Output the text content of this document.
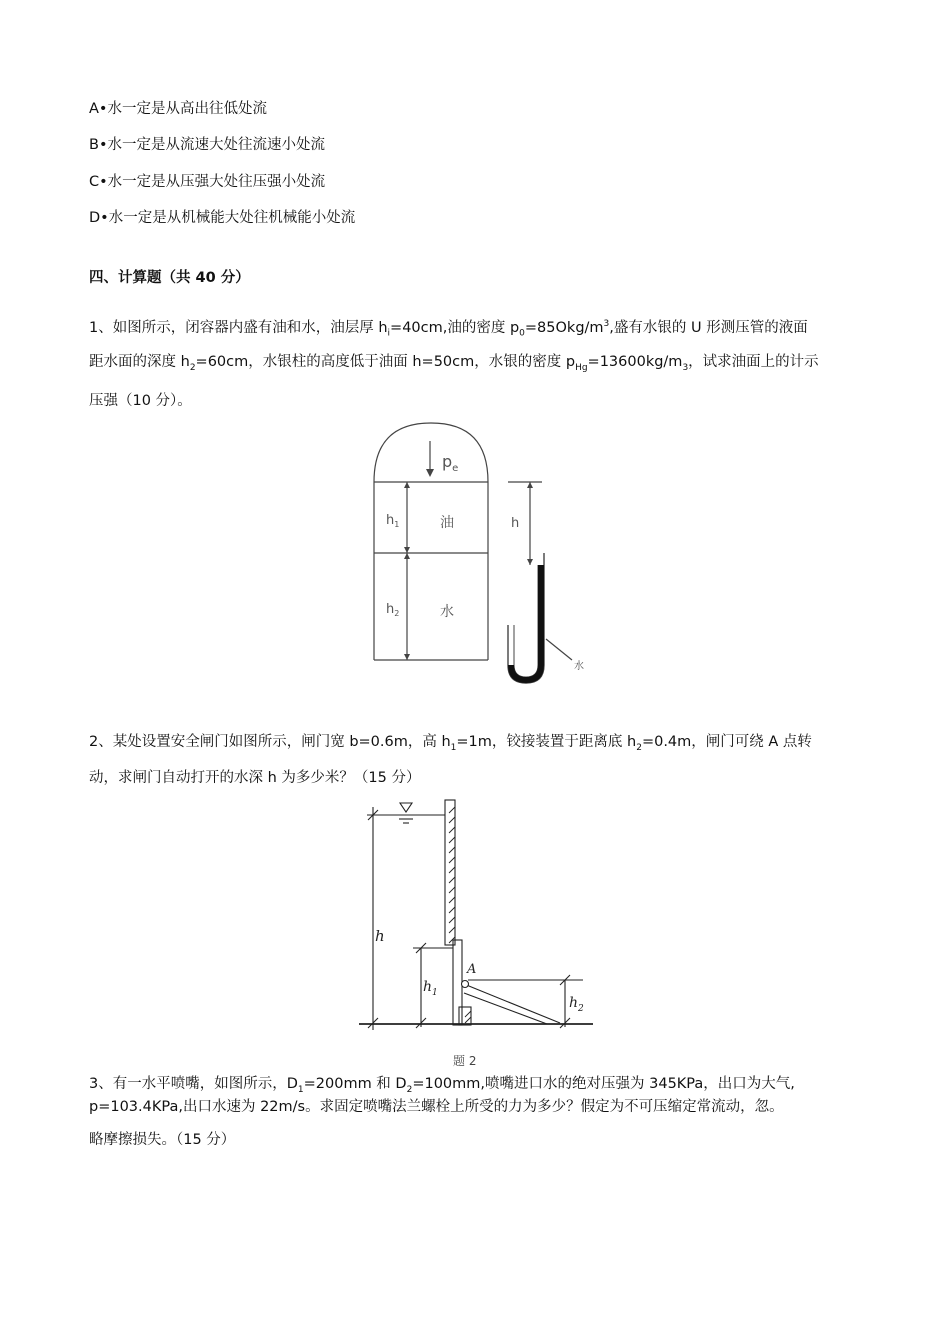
A•水一定是从高出往低处流
B•水一定是从流速大处往流速小处流
C•水一定是从压强大处往压强小处流
D•水一定是从机械能大处往机械能小处流
四、计算题（共 40 分）
1、如图所示，闭容器内盛有油和水，油层厚 $h_i=40cm$,油的密度 $p_0=85Okg/m^3$,盛有水银的 U 形测压管的液面
距水面的深度 $h_2=60cm$，水银柱的高度低于油面 h=50cm，水银的密度 $p_{Hg}=13600kg/m_3$，试求油面上的计示
压强（10 分）。
$p_e$
$h_1$	油
$h_2$	水
h
水
2、某处设置安全闸门如图所示，闸门宽 b=0.6m，高 $h_1=1m$，铰接装置于距离底 $h_2=0.4m$，闸门可绕 A 点转
动，求闸门自动打开的水深 h 为多少米？（15 分）
h
$h_1$
A
$h_2$
题 2
3、有一水平喷嘴，如图所示，$D_1=200mm$ 和 $D_2=100mm$,喷嘴进口水的绝对压强为 345KPa，出口为大气,
p=103.4KPa,出口水速为 22m/s。求固定喷嘴法兰螺栓上所受的力为多少？假定为不可压缩定常流动，忽。
略摩擦损失。（15 分）
